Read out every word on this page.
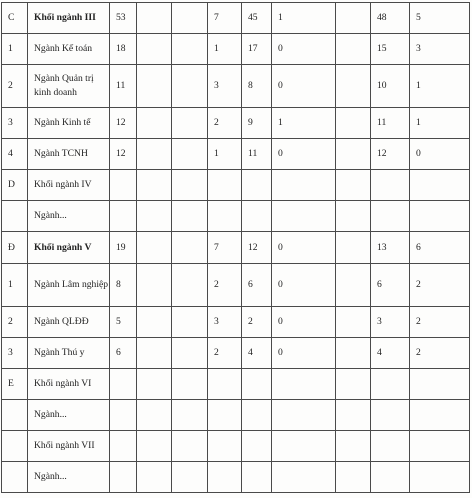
C	Khối ngành III	53			7	45	1		48	5
1	Ngành Kế toán	18			1	17	0		15	3
2	Ngành Quản trị kinh doanh	11			3	8	0		10	1
3	Ngành Kinh tế	12			2	9	1		11	1
4	Ngành TCNH	12			1	11	0		12	0
D	Khối ngành IV									
	Ngành...									
Đ	Khối ngành V	19			7	12	0		13	6
1	Ngành Lâm nghiệp	8			2	6	0		6	2
2	Ngành QLĐĐ	5			3	2	0		3	2
3	Ngành Thú y	6			2	4	0		4	2
E	Khối ngành VI									
	Ngành...									
	Khối ngành VII									
	Ngành...									
